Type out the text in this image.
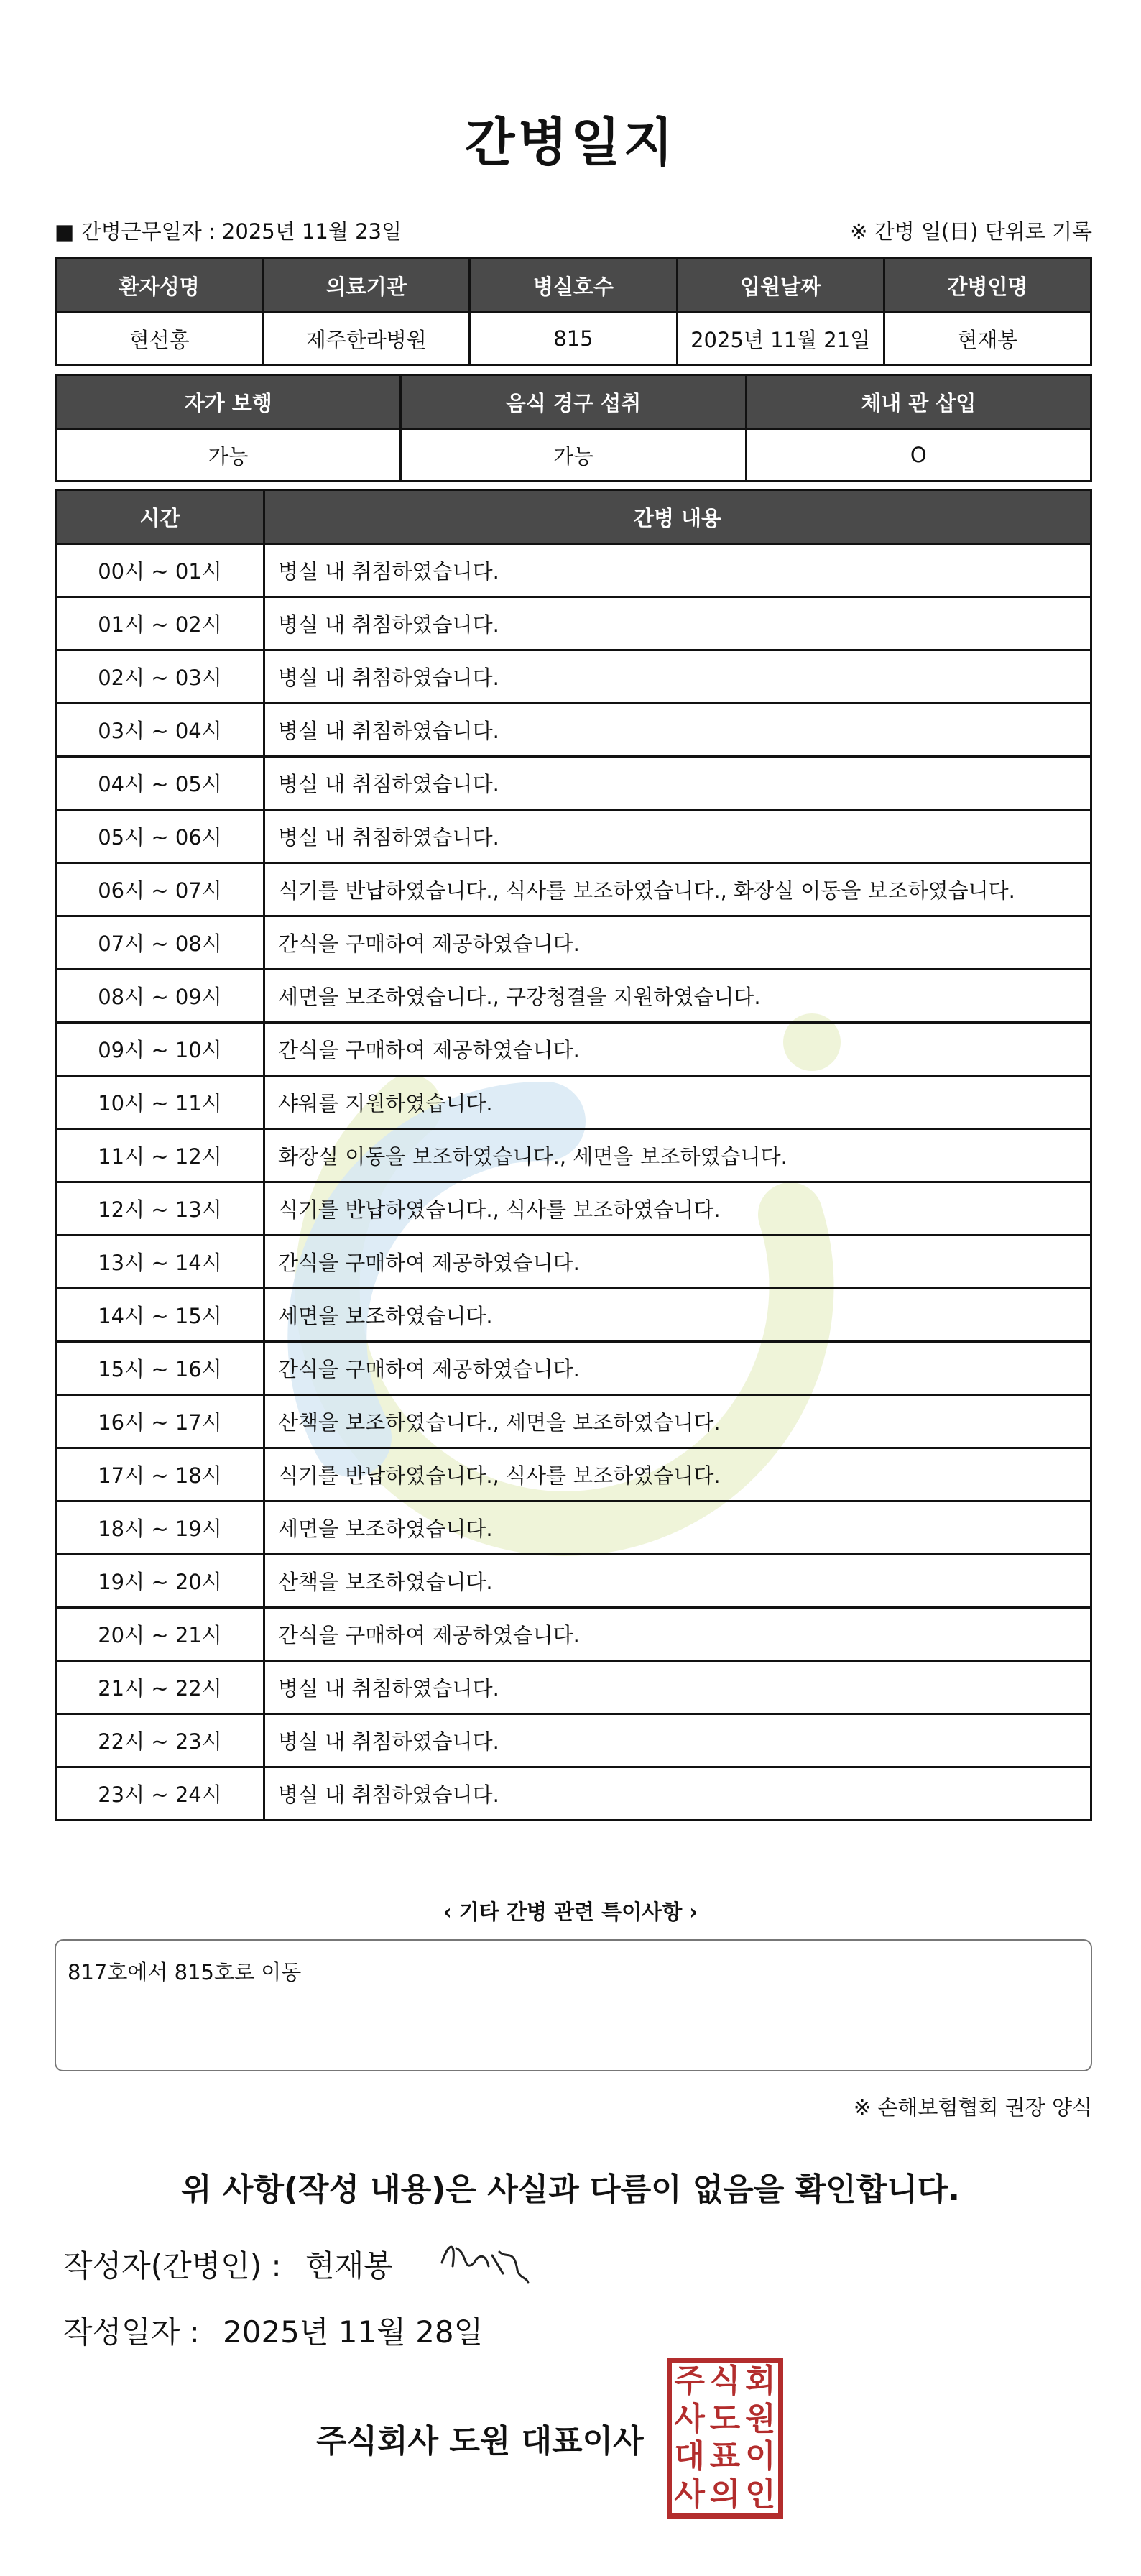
간병일지
■ 간병근무일자 : 2025년 11월 23일	※ 간병 일(日) 단위로 기록
환자성명	의료기관	병실호수	입원날짜	간병인명
현선홍	제주한라병원	815	2025년 11월 21일	현재봉
자가 보행	음식 경구 섭취	체내 관 삽입
가능	가능	O
시간	간병 내용
00시 ~ 01시	병실 내 취침하였습니다.
01시 ~ 02시	병실 내 취침하였습니다.
02시 ~ 03시	병실 내 취침하였습니다.
03시 ~ 04시	병실 내 취침하였습니다.
04시 ~ 05시	병실 내 취침하였습니다.
05시 ~ 06시	병실 내 취침하였습니다.
06시 ~ 07시	식기를 반납하였습니다., 식사를 보조하였습니다., 화장실 이동을 보조하였습니다.
07시 ~ 08시	간식을 구매하여 제공하였습니다.
08시 ~ 09시	세면을 보조하였습니다., 구강청결을 지원하였습니다.
09시 ~ 10시	간식을 구매하여 제공하였습니다.
10시 ~ 11시	샤워를 지원하였습니다.
11시 ~ 12시	화장실 이동을 보조하였습니다., 세면을 보조하였습니다.
12시 ~ 13시	식기를 반납하였습니다., 식사를 보조하였습니다.
13시 ~ 14시	간식을 구매하여 제공하였습니다.
14시 ~ 15시	세면을 보조하였습니다.
15시 ~ 16시	간식을 구매하여 제공하였습니다.
16시 ~ 17시	산책을 보조하였습니다., 세면을 보조하였습니다.
17시 ~ 18시	식기를 반납하였습니다., 식사를 보조하였습니다.
18시 ~ 19시	세면을 보조하였습니다.
19시 ~ 20시	산책을 보조하였습니다.
20시 ~ 21시	간식을 구매하여 제공하였습니다.
21시 ~ 22시	병실 내 취침하였습니다.
22시 ~ 23시	병실 내 취침하였습니다.
23시 ~ 24시	병실 내 취침하였습니다.
‹ 기타 간병 관련 특이사항 ›
817호에서 815호로 이동
※ 손해보험협회 권장 양식
위 사항(작성 내용)은 사실과 다름이 없음을 확인합니다.
작성자(간병인) : 현재봉
작성일자 : 2025년 11월 28일
주식회사 도원 대표이사
주 식 회
사 도 원
대 표 이
사 의 인
